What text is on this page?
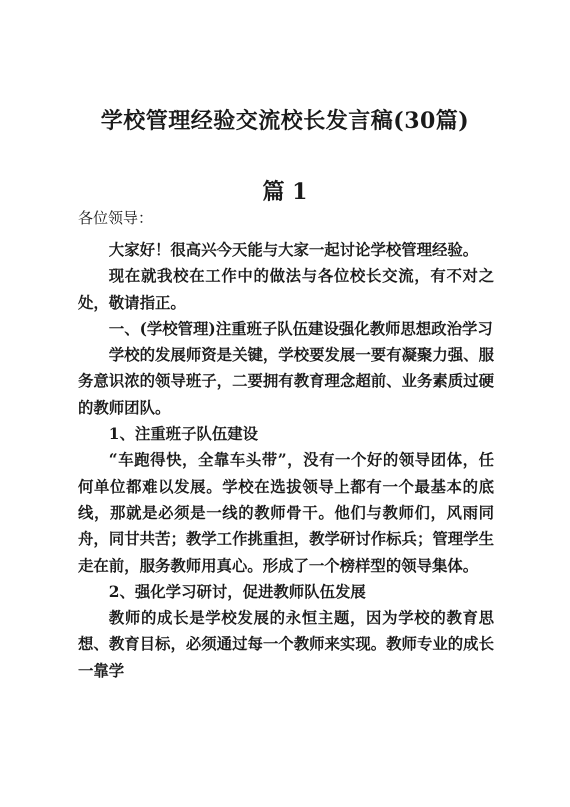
学校管理经验交流校长发言稿(30篇)
篇 1
各位领导：

大家好！很高兴今天能与大家一起讨论学校管理经验。

现在就我校在工作中的做法与各位校长交流，有不对之处，敬请指正。

一、(学校管理)注重班子队伍建设强化教师思想政治学习

学校的发展师资是关键，学校要发展一要有凝聚力强、服务意识浓的领导班子，二要拥有教育理念超前、业务素质过硬的教师团队。

1、注重班子队伍建设

“车跑得快，全靠车头带”，没有一个好的领导团体，任何单位都难以发展。学校在选拔领导上都有一个最基本的底线，那就是必须是一线的教师骨干。他们与教师们，风雨同舟，同甘共苦；教学工作挑重担，教学研讨作标兵；管理学生走在前，服务教师用真心。形成了一个榜样型的领导集体。

2、强化学习研讨，促进教师队伍发展

教师的成长是学校发展的永恒主题，因为学校的教育思想、教育目标，必须通过每一个教师来实现。教师专业的成长一靠学
